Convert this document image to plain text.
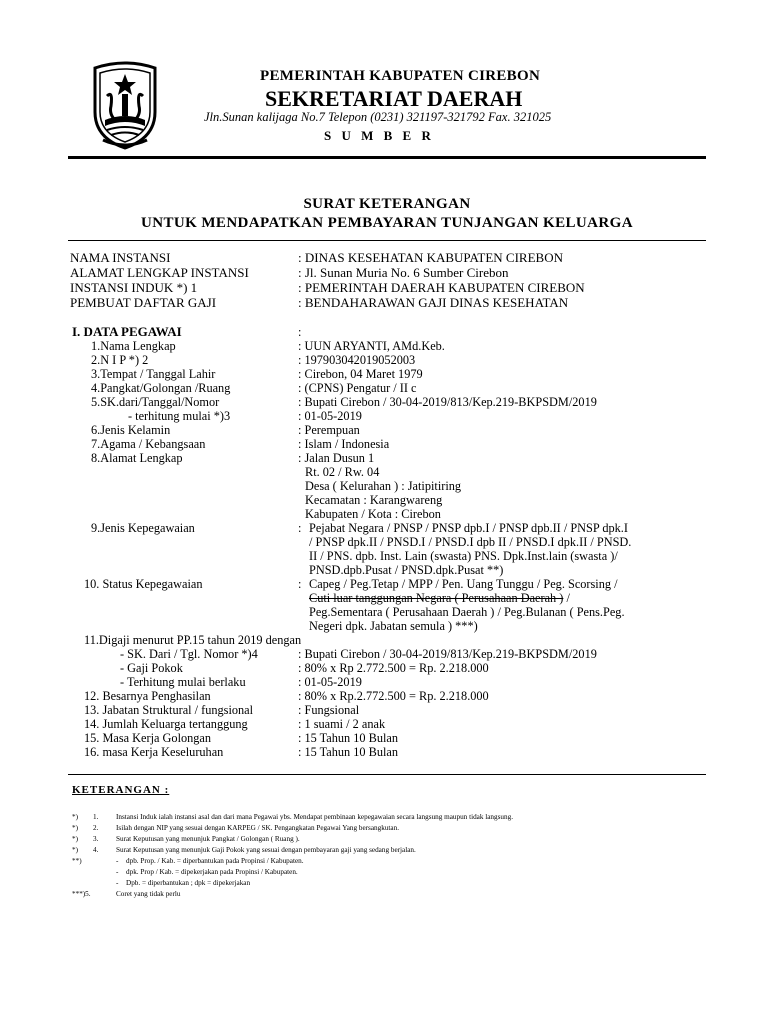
PEMERINTAH KABUPATEN CIREBON
SEKRETARIAT DAERAH
Jln.Sunan kalijaga No.7 Telepon (0231) 321197-321792 Fax. 321025
S U M B E R
SURAT KETERANGAN
UNTUK MENDAPATKAN PEMBAYARAN TUNJANGAN KELUARGA
NAMA INSTANSI	: DINAS KESEHATAN KABUPATEN CIREBON
ALAMAT LENGKAP INSTANSI	: Jl. Sunan Muria No. 6 Sumber Cirebon
INSTANSI INDUK *) 1	: PEMERINTAH DAERAH KABUPATEN CIREBON
PEMBUAT DAFTAR GAJI	: BENDAHARAWAN GAJI DINAS KESEHATAN
I. DATA PEGAWAI	:
1.Nama Lengkap	: UUN ARYANTI, AMd.Keb.
2.N I P *) 2	: 197903042019052003
3.Tempat / Tanggal Lahir	: Cirebon, 04 Maret 1979
4.Pangkat/Golongan /Ruang	: (CPNS) Pengatur / II c
5.SK.dari/Tanggal/Nomor	: Bupati Cirebon / 30-04-2019/813/Kep.219-BKPSDM/2019
- terhitung mulai *)3	: 01-05-2019
6.Jenis Kelamin	: Perempuan
7.Agama / Kebangsaan	: Islam / Indonesia
8.Alamat Lengkap	: Jalan Dusun 1
Rt. 02 / Rw. 04
Desa ( Kelurahan ) : Jatipitiring
Kecamatan : Karangwareng
Kabupaten / Kota : Cirebon
9.Jenis Kepegawaian	: Pejabat Negara / PNSP / PNSP dpb.I / PNSP dpb.II / PNSP dpk.I
/ PNSP dpk.II / PNSD.I / PNSD.I dpb II / PNSD.I dpk.II / PNSD.
II / PNS. dpb. Inst. Lain (swasta) PNS. Dpk.Inst.lain (swasta )/
PNSD.dpb.Pusat / PNSD.dpk.Pusat **)
10. Status Kepegawaian	: Capeg / Peg.Tetap / MPP / Pen. Uang Tunggu / Peg. Scorsing /
Cuti luar tanggungan Negara ( Perusahaan Daerah ) /
Peg.Sementara ( Perusahaan Daerah ) / Peg.Bulanan ( Pens.Peg.
Negeri dpk. Jabatan semula ) ***)
11.Digaji menurut PP.15 tahun 2019 dengan
- SK. Dari / Tgl. Nomor *)4	: Bupati Cirebon / 30-04-2019/813/Kep.219-BKPSDM/2019
- Gaji Pokok	: 80% x Rp 2.772.500 = Rp. 2.218.000
- Terhitung mulai berlaku	: 01-05-2019
12. Besarnya Penghasilan	: 80% x Rp.2.772.500 = Rp. 2.218.000
13. Jabatan Struktural / fungsional	: Fungsional
14. Jumlah Keluarga tertanggung	: 1 suami / 2 anak
15. Masa Kerja Golongan	: 15 Tahun 10 Bulan
16. masa Kerja Keseluruhan	: 15 Tahun 10 Bulan
KETERANGAN :
*) 1. Instansi Induk ialah instansi asal dan dari mana Pegawai ybs. Mendapat pembinaan kepegawaian secara langsung maupun tidak langsung.
*) 2. Isilah dengan NIP yang sesuai dengan KARPEG / SK. Pengangkatan Pegawai Yang bersangkutan.
*) 3. Surat Keputusan yang menunjuk Pangkat / Golongan ( Ruang ).
*) 4. Surat Keputusan yang menunjuk Gaji Pokok yang sesuai dengan pembayaran gaji yang sedang berjalan.
**)	- dpb. Prop. / Kab. = diperbantukan pada Propinsi / Kabupaten.
- dpk. Prop / Kab. = dipekerjakan pada Propinsi / Kabupaten.
- Dpb. = diperbantukan ; dpk = dipekerjakan
***)5.	Coret yang tidak perlu
